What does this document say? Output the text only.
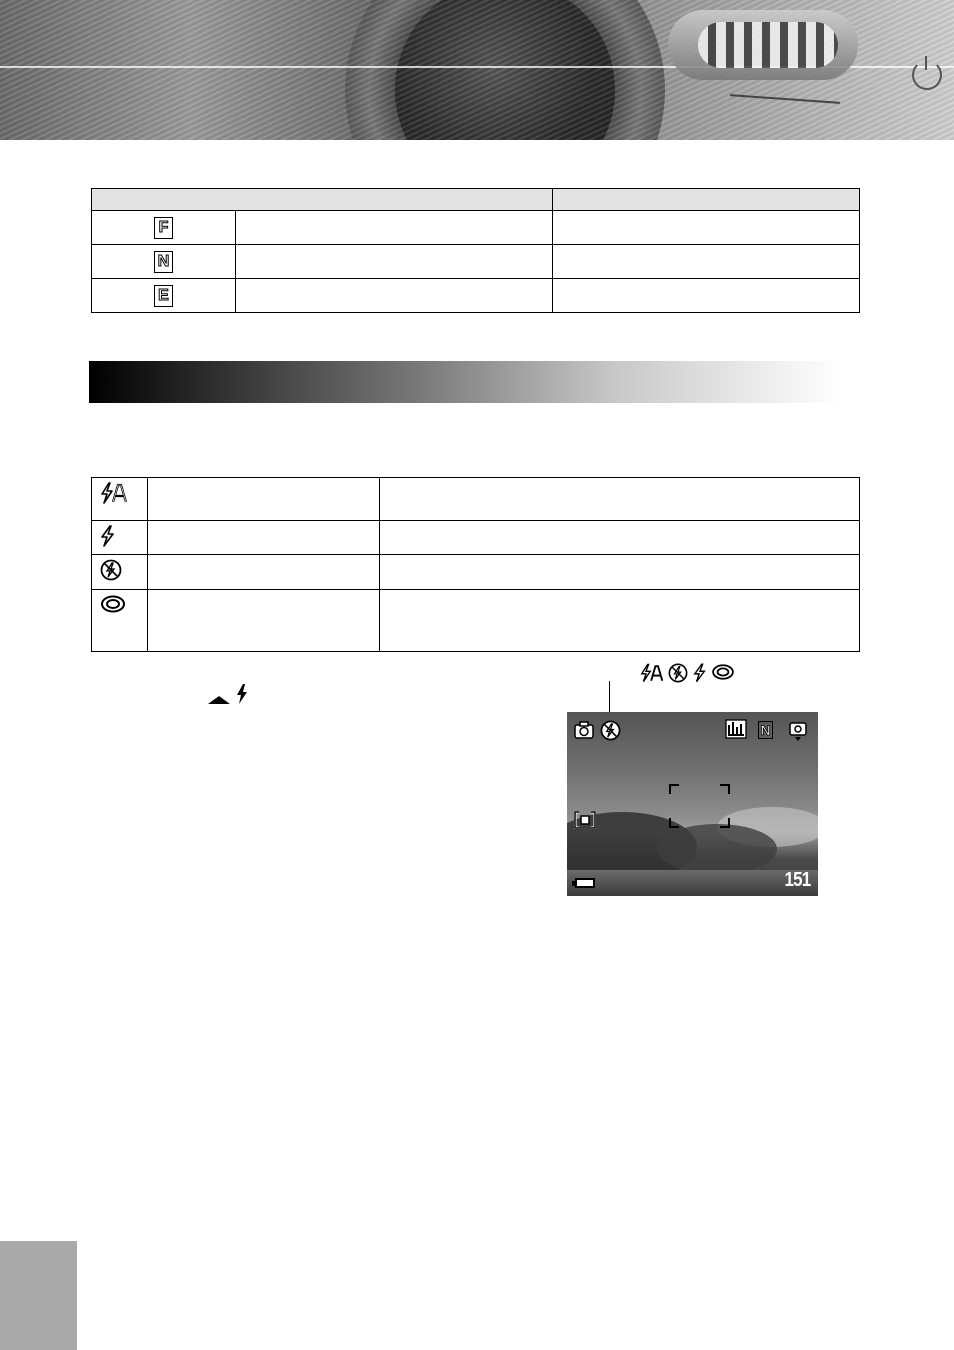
F		
N		
E		

N
151
